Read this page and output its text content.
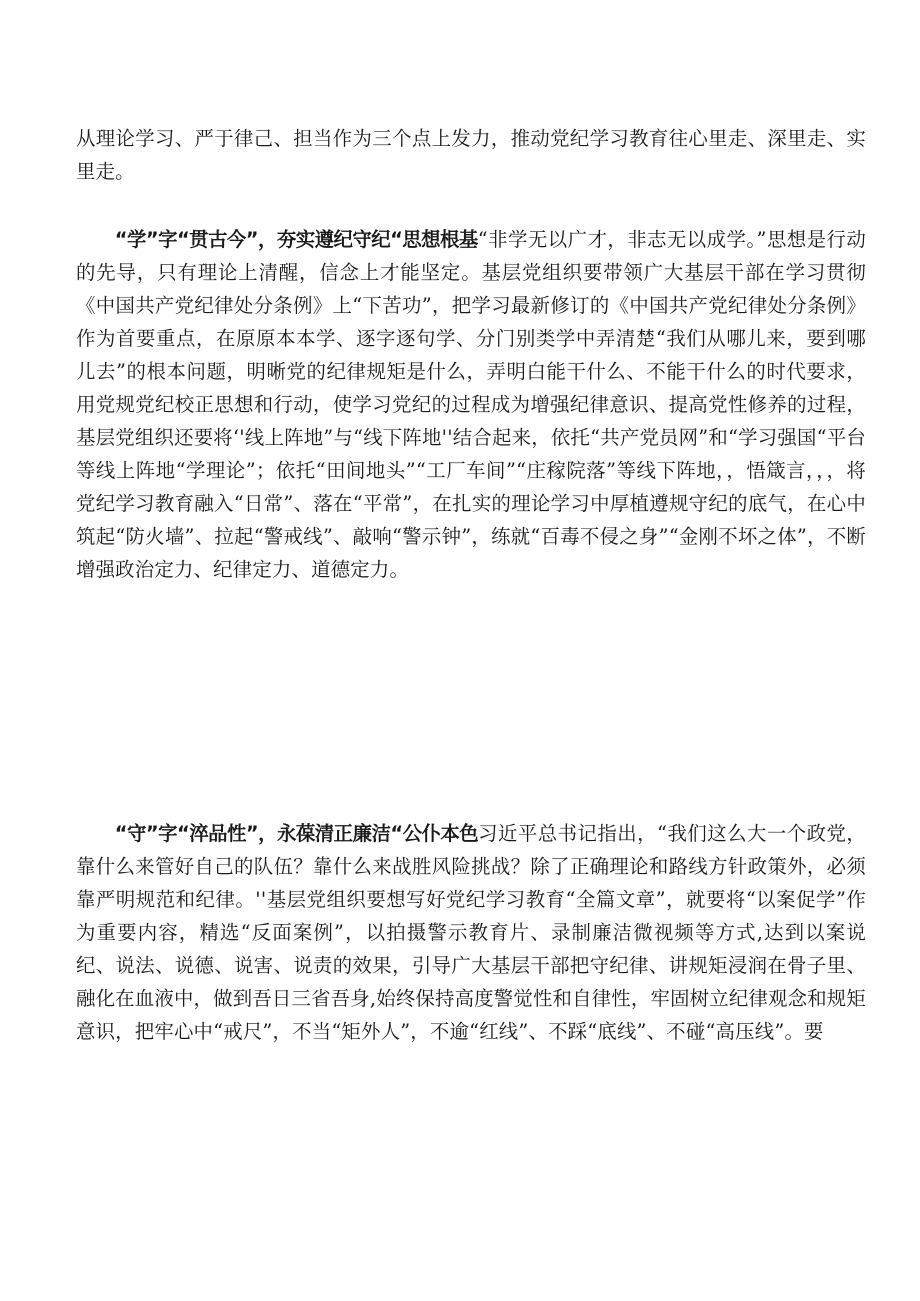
从理论学习、严于律己、担当作为三个点上发力，推动党纪学习教育往心里走、深里走、实里走。

“学”字“贯古今”，夯实遵纪守纪“思想根基“非学无以广才，非志无以成学。”思想是行动的先导，只有理论上清醒，信念上才能坚定。基层党组织要带领广大基层干部在学习贯彻《中国共产党纪律处分条例》上“下苦功”，把学习最新修订的《中国共产党纪律处分条例》作为首要重点，在原原本本学、逐字逐句学、分门别类学中弄清楚“我们从哪儿来，要到哪儿去”的根本问题，明晰党的纪律规矩是什么，弄明白能干什么、不能干什么的时代要求，用党规党纪校正思想和行动，使学习党纪的过程成为增强纪律意识、提高党性修养的过程，基层党组织还要将‘'线上阵地”与“线下阵地''结合起来，依托“共产党员网”和“学习强国“平台等线上阵地“学理论”；依托“田间地头”“工厂车间”“庄稼院落”等线下阵地，，悟箴言，，，将党纪学习教育融入“日常”、落在“平常”，在扎实的理论学习中厚植遵规守纪的底气，在心中筑起“防火墙”、拉起“警戒线”、敲响“警示钟”，练就“百毒不侵之身”“金刚不坏之体”，不断增强政治定力、纪律定力、道德定力。

“守”字“淬品性”，永葆清正廉洁“公仆本色习近平总书记指出，“我们这么大一个政党，靠什么来管好自己的队伍？靠什么来战胜风险挑战？除了正确理论和路线方针政策外，必须靠严明规范和纪律。''基层党组织要想写好党纪学习教育“全篇文章”，就要将“以案促学”作为重要内容，精选“反面案例”，以拍摄警示教育片、录制廉洁微视频等方式,达到以案说纪、说法、说德、说害、说责的效果，引导广大基层干部把守纪律、讲规矩浸润在骨子里、融化在血液中，做到吾日三省吾身,始终保持高度警觉性和自律性，牢固树立纪律观念和规矩意识，把牢心中“戒尺”，不当“矩外人”，不逾“红线”、不踩“底线”、不碰“高压线”。要
